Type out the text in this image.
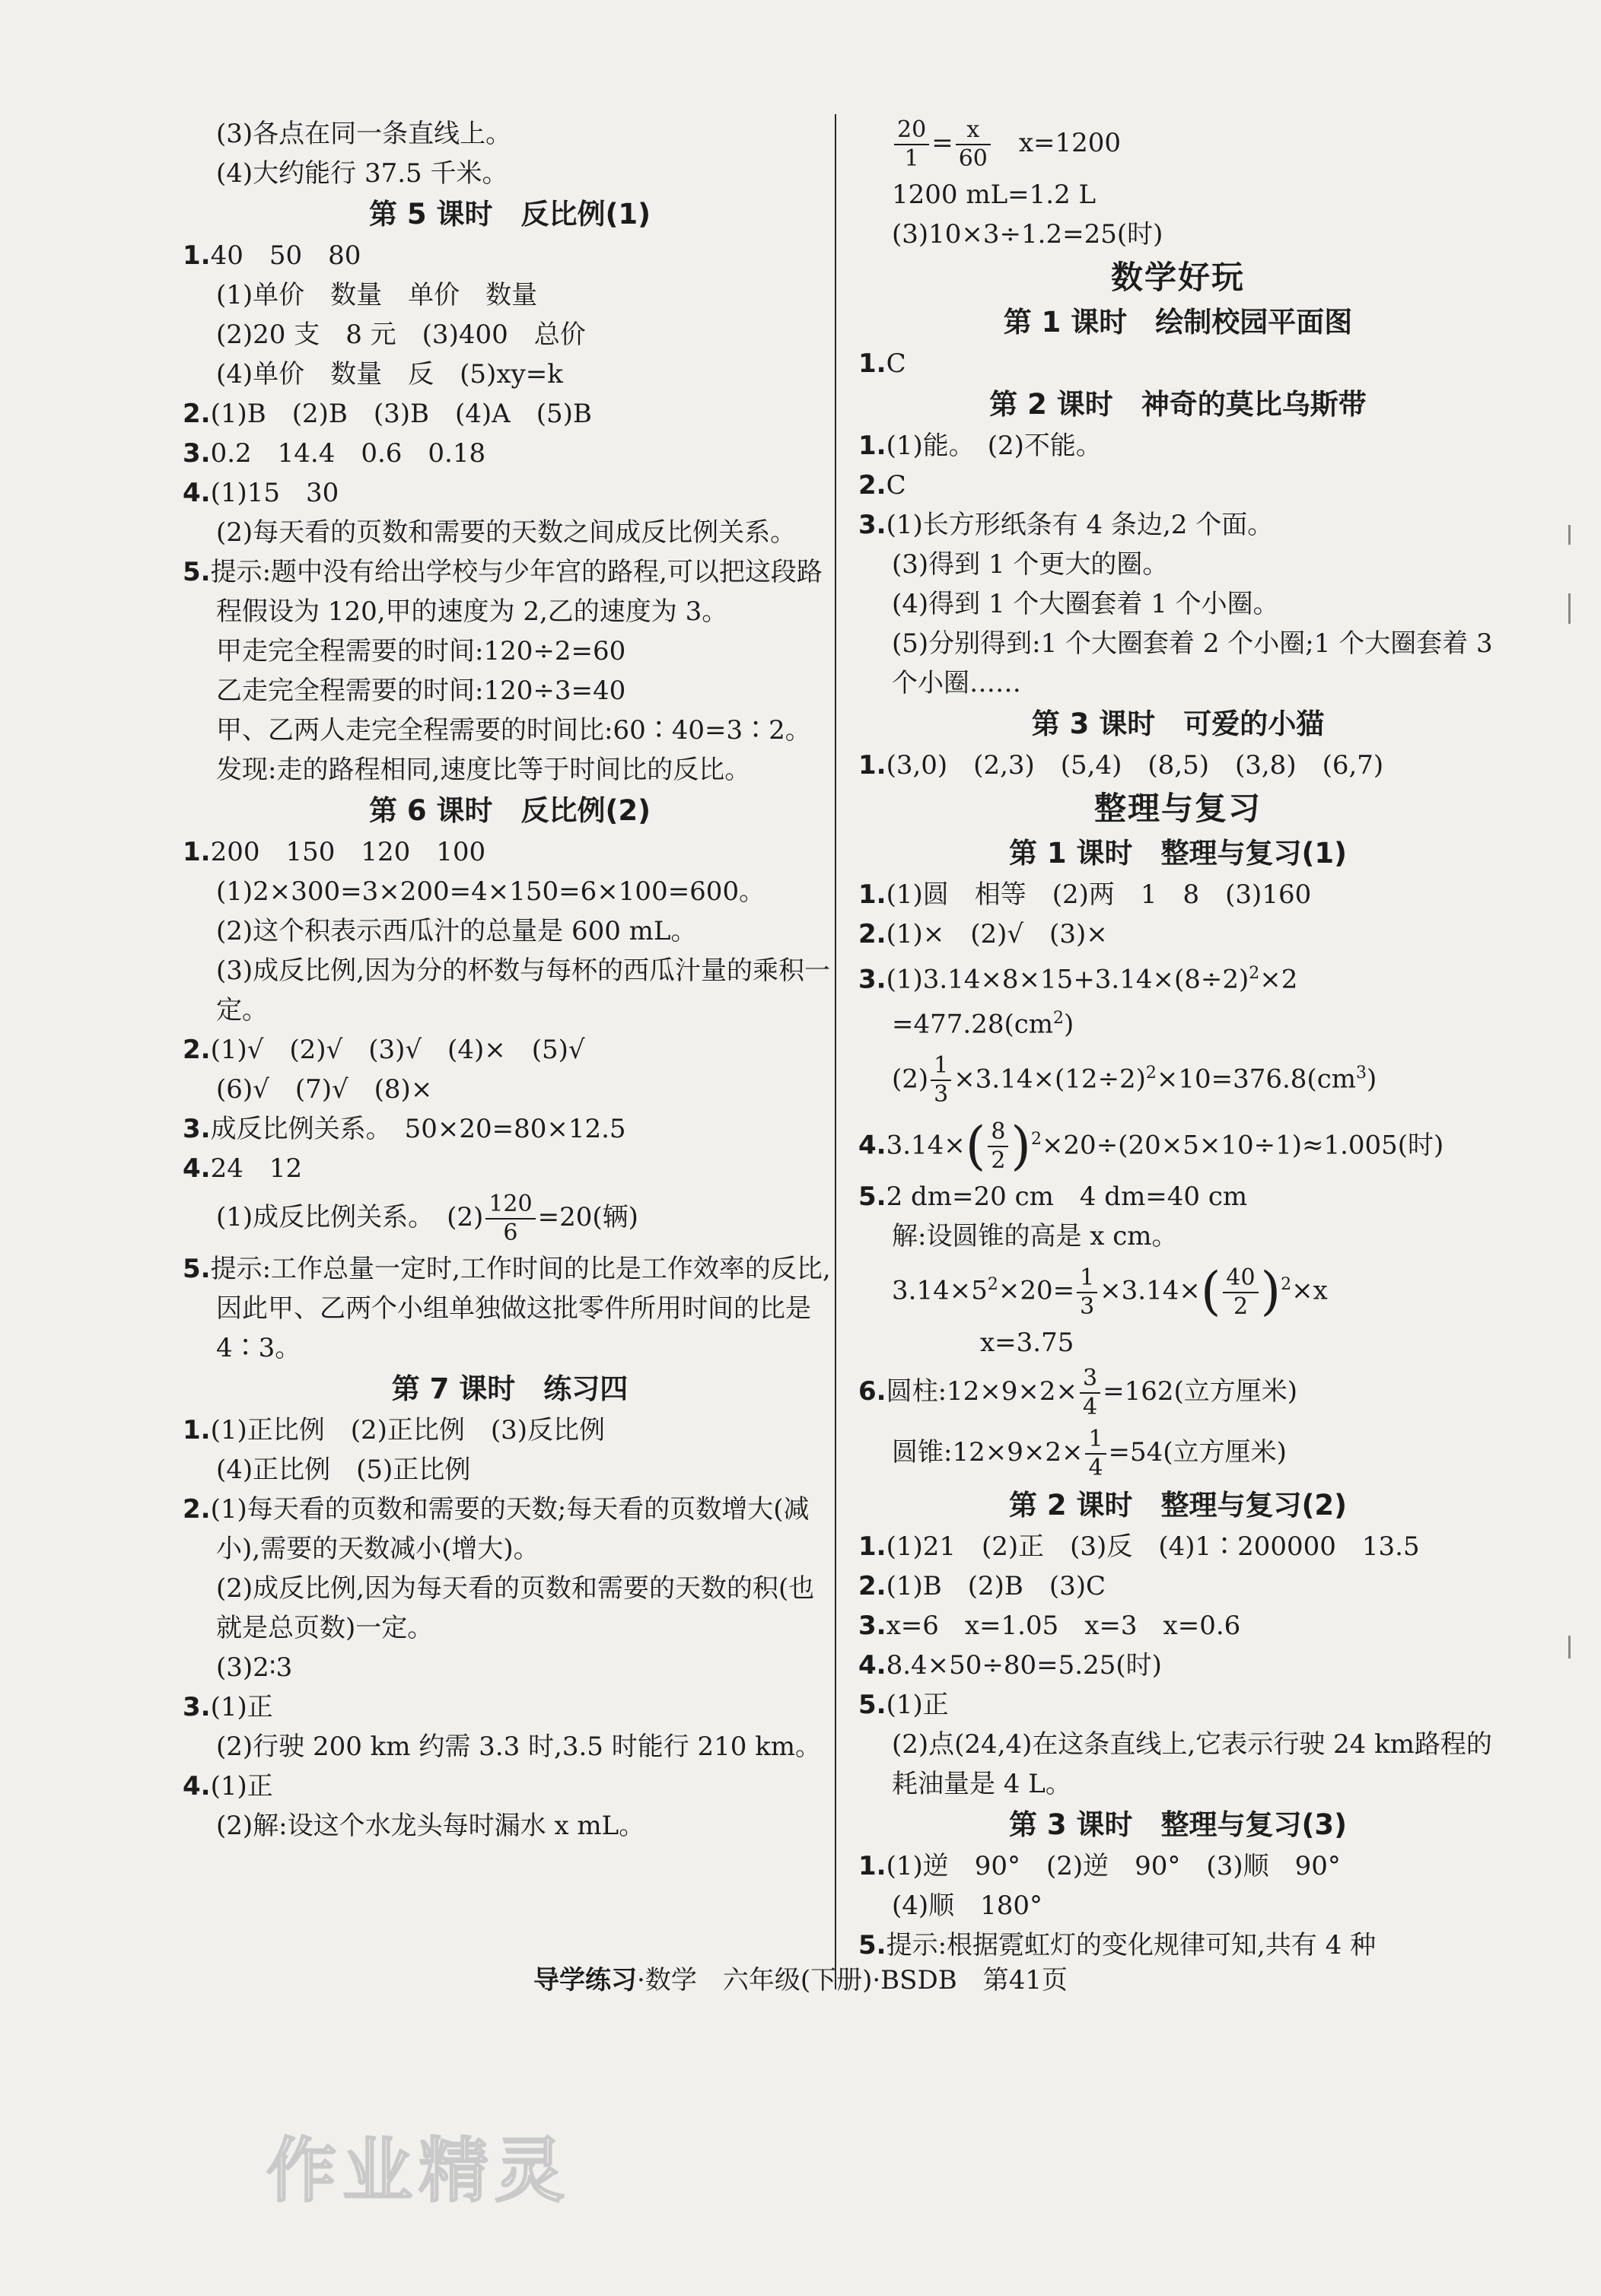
(3)各点在同一条直线上。
(4)大约能行 37.5 千米。
第 5 课时　反比例(1)
1.40　50　80
(1)单价　数量　单价　数量
(2)20 支　8 元　(3)400　总价
(4)单价　数量　反　(5)xy=k
2.(1)B　(2)B　(3)B　(4)A　(5)B
3.0.2　14.4　0.6　0.18
4.(1)15　30
(2)每天看的页数和需要的天数之间成反比例关系。
5.提示:题中没有给出学校与少年宫的路程,可以把这段路程假设为 120,甲的速度为 2,乙的速度为 3。
甲走完全程需要的时间:120÷2=60
乙走完全程需要的时间:120÷3=40
甲、乙两人走完全程需要的时间比:60∶40=3∶2。
发现:走的路程相同,速度比等于时间比的反比。
第 6 课时　反比例(2)
1.200　150　120　100
(1)2×300=3×200=4×150=6×100=600。
(2)这个积表示西瓜汁的总量是 600 mL。
(3)成反比例,因为分的杯数与每杯的西瓜汁量的乘积一定。
2.(1)√　(2)√　(3)√　(4)×　(5)√
(6)√　(7)√　(8)×
3.成反比例关系。　50×20=80×12.5
4.24　12
(1)成反比例关系。　$(2) \frac{120}{6} =20$(辆)
5.提示:工作总量一定时,工作时间的比是工作效率的反比,因此甲、乙两个小组单独做这批零件所用时间的比是 4∶3。
第 7 课时　练习四
1.(1)正比例　(2)正比例　(3)反比例
(4)正比例　(5)正比例
2.(1)每天看的页数和需要的天数;每天看的页数增大(减小),需要的天数减小(增大)。
(2)成反比例,因为每天看的页数和需要的天数的积(也就是总页数)一定。
(3)2∶3
3.(1)正
(2)行驶 200 km 约需 3.3 时,3.5 时能行 210 km。
4.(1)正
(2)解:设这个水龙头每时漏水 x mL。
$\frac{20}{1} = \frac{x}{60}$ 　x=1200
1200 mL=1.2 L
(3)10×3÷1.2=25(时)
数学好玩
第 1 课时　绘制校园平面图
1.C
第 2 课时　神奇的莫比乌斯带
1.(1)能。　(2)不能。
2.C
3.(1)长方形纸条有 4 条边,2 个面。
(3)得到 1 个更大的圈。
(4)得到 1 个大圈套着 1 个小圈。
(5)分别得到:1 个大圈套着 2 个小圈;1 个大圈套着 3 个小圈……
第 3 课时　可爱的小猫
1.(3,0)　(2,3)　(5,4)　(8,5)　(3,8)　(6,7)
整理与复习
第 1 课时　整理与复习(1)
1.(1)圆　相等　(2)两　1　8　(3)160
2.(1)×　(2)√　(3)×
$3.(1)3.14\times 8\times 15+3.14\times(8\div 2)^2\times 2$
$=477.28(cm^2)$
$(2) \frac{1}{3} \times 3.14\times(12\div 2)^2\times 10=376.8(cm^3)$
$4.3.14\times( \frac{8}{2} )^2\times 20\div(20\times 5\times 10\div 1)\approx 1.005$(时)
5.2 dm=20 cm　4 dm=40 cm
解:设圆锥的高是 x cm。
$3.14\times 5^2\times 20= \frac{1}{3} \times 3.14\times( \frac{40}{2} )^2\times x$
x=3.75
6.圆柱:12×9×2× $\frac{3}{4} =162$(立方厘米)
圆锥:12×9×2× $\frac{1}{4} =54$(立方厘米)
第 2 课时　整理与复习(2)
1.(1)21　(2)正　(3)反　(4)1∶200000　13.5
2.(1)B　(2)B　(3)C
3.x=6　x=1.05　x=3　x=0.6
4.8.4×50÷80=5.25(时)
5.(1)正
(2)点(24,4)在这条直线上,它表示行驶 24 km路程的耗油量是 4 L。
第 3 课时　整理与复习(3)
1.(1)逆　90°　(2)逆　90°　(3)顺　90°
(4)顺　180°
5.提示:根据霓虹灯的变化规律可知,共有 4 种
导学练习·数学　六年级(下册)·BSDB　第41页
作业精灵
